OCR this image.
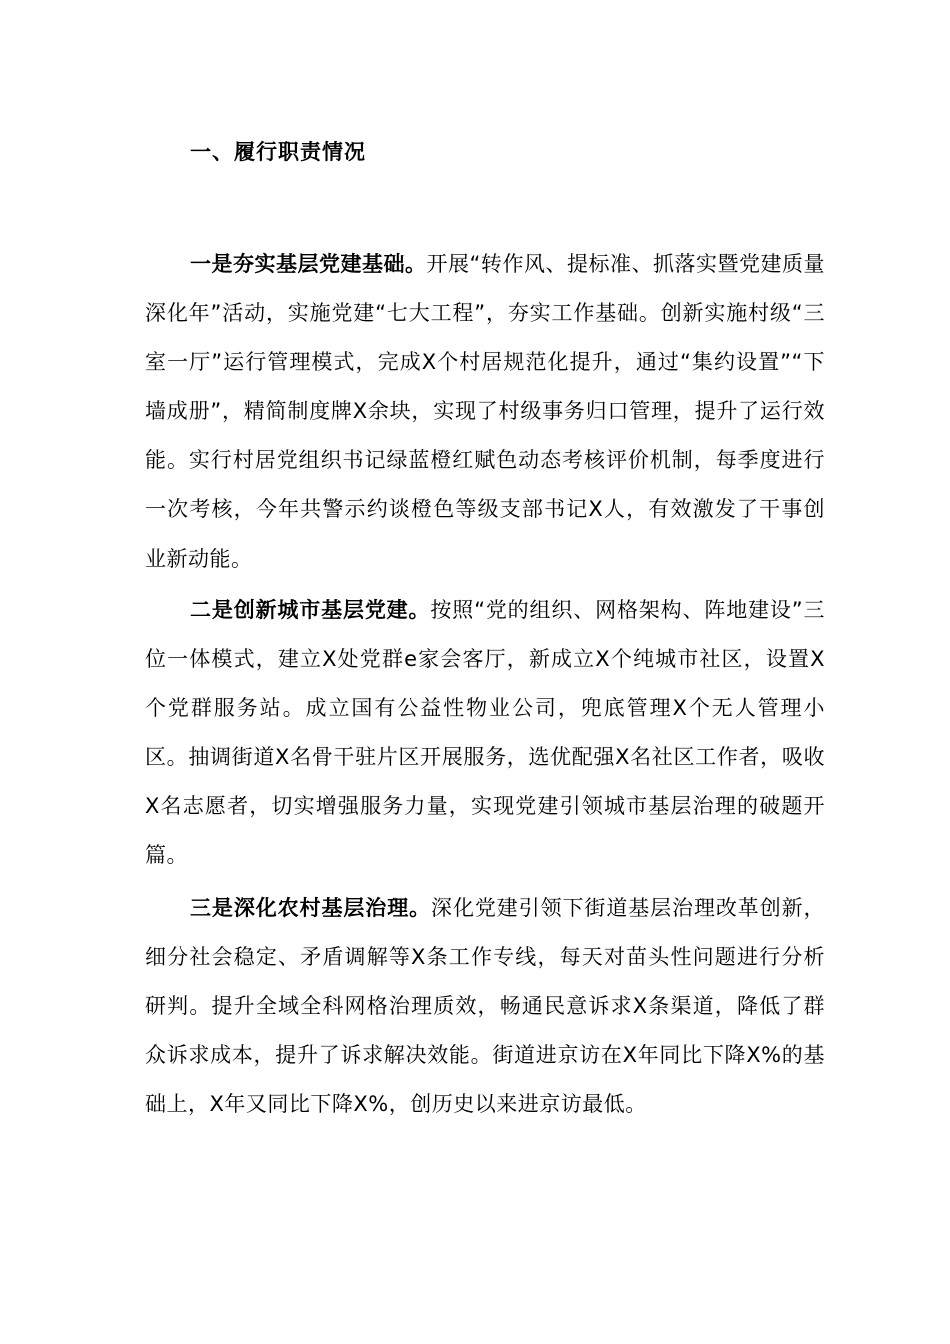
一、履行职责情况

一是夯实基层党建基础。开展“转作风、提标准、抓落实暨党建质量深化年”活动，实施党建“七大工程”，夯实工作基础。创新实施村级“三室一厅”运行管理模式，完成X个村居规范化提升，通过“集约设置”“下墙成册”，精简制度牌X余块，实现了村级事务归口管理，提升了运行效能。实行村居党组织书记绿蓝橙红赋色动态考核评价机制，每季度进行一次考核，今年共警示约谈橙色等级支部书记X人，有效激发了干事创业新动能。

二是创新城市基层党建。按照“党的组织、网格架构、阵地建设”三位一体模式，建立X处党群e家会客厅，新成立X个纯城市社区，设置X个党群服务站。成立国有公益性物业公司，兜底管理X个无人管理小区。抽调街道X名骨干驻片区开展服务，选优配强X名社区工作者，吸收X名志愿者，切实增强服务力量，实现党建引领城市基层治理的破题开篇。

三是深化农村基层治理。深化党建引领下街道基层治理改革创新，细分社会稳定、矛盾调解等X条工作专线，每天对苗头性问题进行分析研判。提升全域全科网格治理质效，畅通民意诉求X条渠道，降低了群众诉求成本，提升了诉求解决效能。街道进京访在X年同比下降X%的基础上，X年又同比下降X%，创历史以来进京访最低。
